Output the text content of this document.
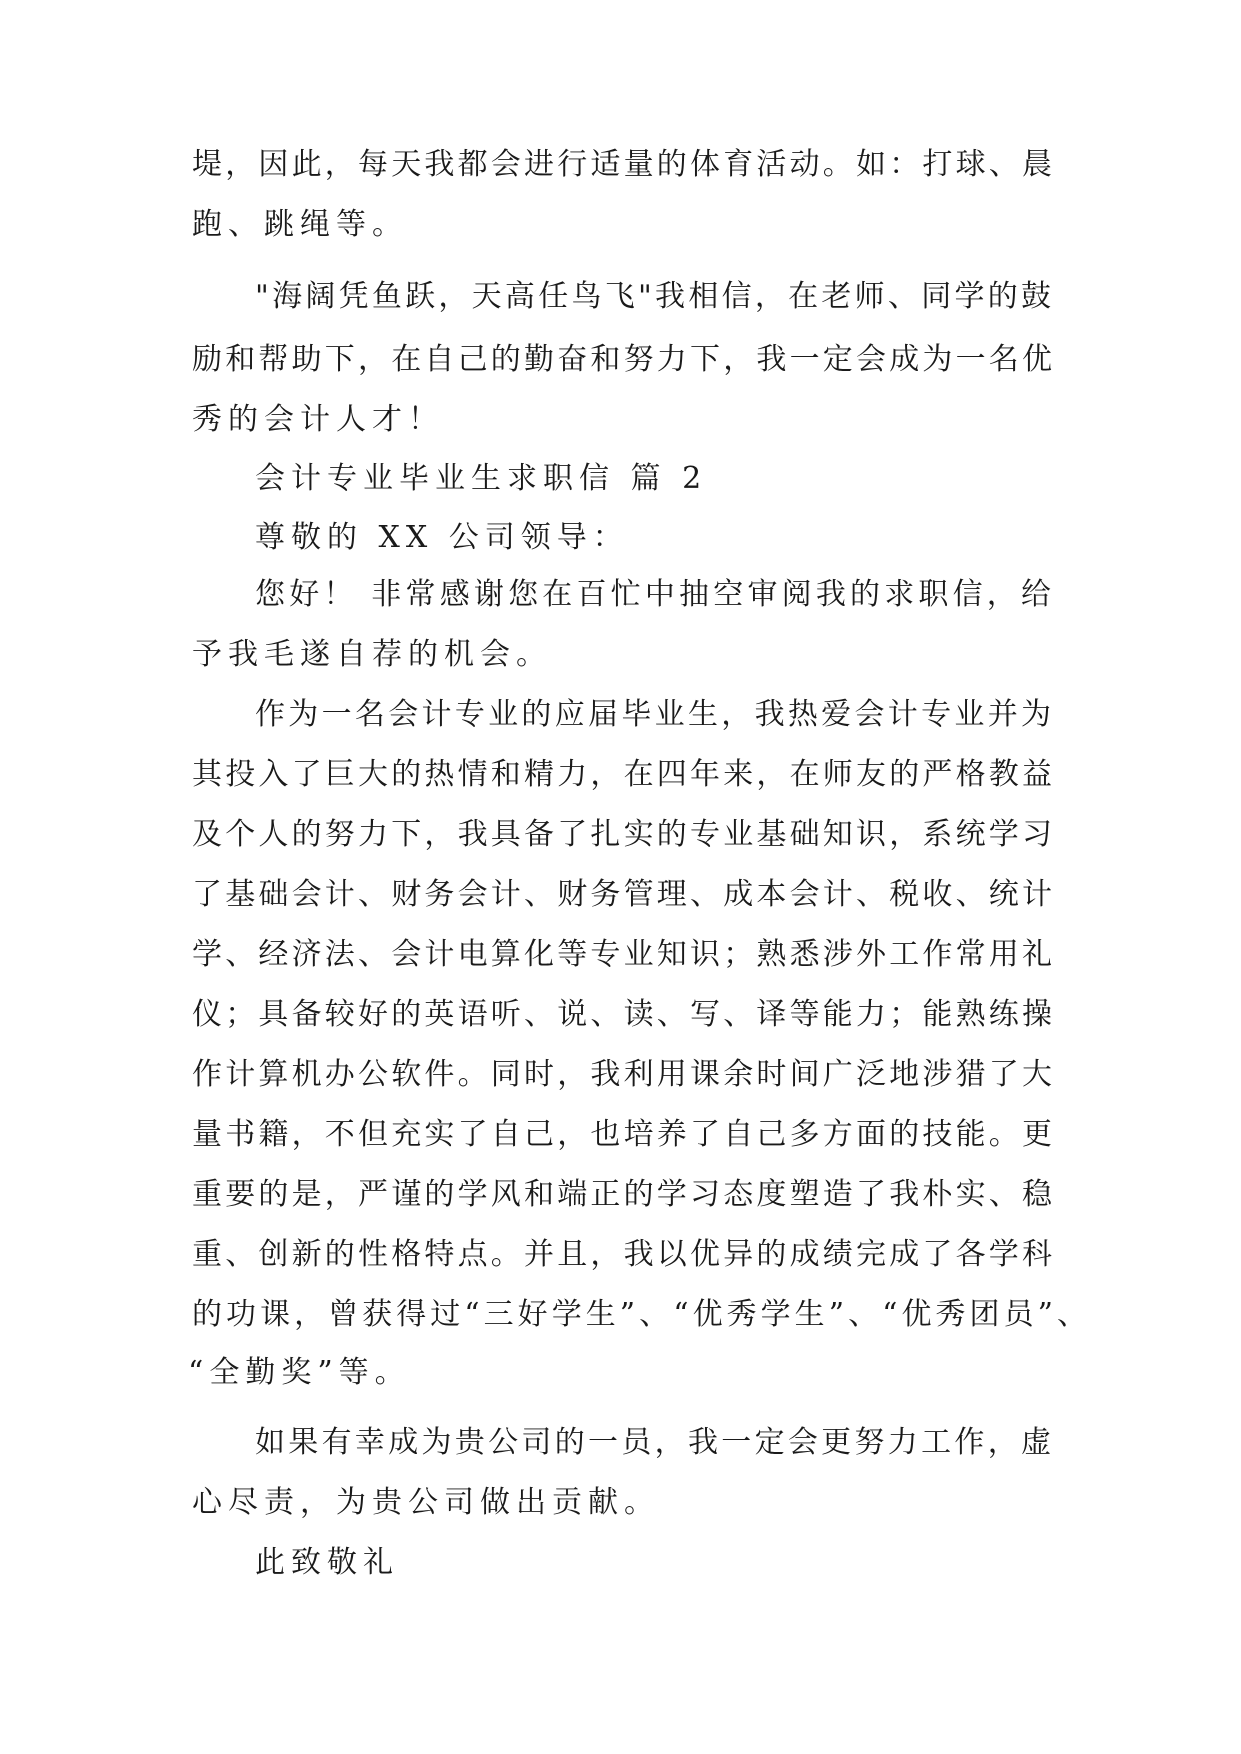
堤，因此，每天我都会进行适量的体育活动。如：打球、晨

跑、跳绳等。

"海阔凭鱼跃，天高任鸟飞"我相信，在老师、同学的鼓

励和帮助下，在自己的勤奋和努力下，我一定会成为一名优

秀的会计人才！

会计专业毕业生求职信 篇 2

尊敬的 XX 公司领导：

您好！ 非常感谢您在百忙中抽空审阅我的求职信，给

予我毛遂自荐的机会。

作为一名会计专业的应届毕业生，我热爱会计专业并为

其投入了巨大的热情和精力，在四年来，在师友的严格教益

及个人的努力下，我具备了扎实的专业基础知识，系统学习

了基础会计、财务会计、财务管理、成本会计、税收、统计

学、经济法、会计电算化等专业知识；熟悉涉外工作常用礼

仪；具备较好的英语听、说、读、写、译等能力；能熟练操

作计算机办公软件。同时，我利用课余时间广泛地涉猎了大

量书籍，不但充实了自己，也培养了自己多方面的技能。更

重要的是，严谨的学风和端正的学习态度塑造了我朴实、稳

重、创新的性格特点。并且，我以优异的成绩完成了各学科

的功课，曾获得过“三好学生”、“优秀学生”、“优秀团员”、

“全勤奖”等。

如果有幸成为贵公司的一员，我一定会更努力工作，虚

心尽责，为贵公司做出贡献。

此致敬礼
